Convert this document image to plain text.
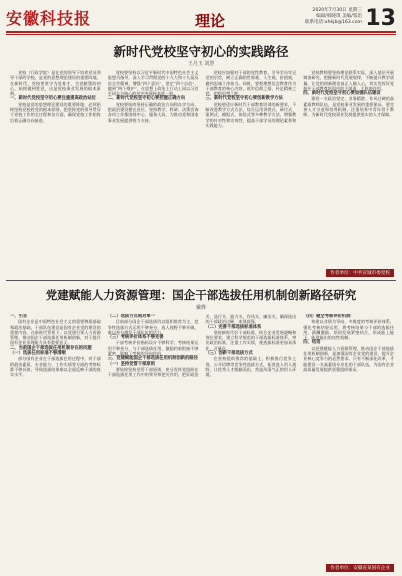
安徽科技报	理论
2020年7月30日 星期三
编辑/韩晓琪 美编/邹迅
联系电话:ahkjb@163.com 13
新时代党校坚守初心的实践路径
王月玉 刘慧

党校（行政学院）是在党的领导下培养党员领导干部的学校，是党的思想理论建设的重要阵地。在新时代，党校要坚守为党育才、为党献策的初心，始终做到姓党，这是党校事业发展的根本原则。

一、新时代党校坚守初心要注重提高政治站位

党校是党的思想理论建设的重要阵地，必须始终坚持党校姓党的根本原则，把坚持党的领导贯穿于党校工作的全过程和各方面，确保党校工作始终沿着正确方向前进。

党校要坚持以习近平新时代中国特色社会主义思想为指导，深入学习贯彻党的十九大和十九届历次全会精神，增强“四个意识”、坚定“四个自信”、做到“两个维护”，在思想上政治上行动上同以习近平同志为核心的党中央保持高度一致。

二、新时代党校坚守初心要把握正确方向

党校要始终坚持正确的政治方向和办学方向，把政治建设摆在首位，坚持教学、科研、决策咨询各项工作都围绕中心、服务大局，为推动党和国家事业发展提供智力支持。

党校应加强对干部的党性教育，引导学员牢记党的宗旨，树立正确的世界观、人生观、价值观，做到忠诚干净担当。同时，要把理想信念教育作为干部教育的核心内容，筑牢信仰之基、补足精神之钙、把稳思想之舵。

三、新时代党校坚守初心要创新教学方法

党校要适应新时代干部教育培训的新要求，不断改进教学方式方法，综合运用讲授式、研讨式、案例式、模拟式、体验式等多种教学方法，增强教学的针对性和实效性，提高干部学员的理论素养和实践能力。

党校教师要坚持理论联系实际，深入基层开展调查研究，把握新时代发展规律，不断提升教学质量，让党的创新理论真正入脑入心，切实发挥好党校在干部教育培训中的主渠道、主阵地作用。

四、新时代党校坚守初心要加强队伍建设

建设一支政治坚定、业务精湛、作风过硬的高素质教师队伍，是党校事业发展的重要保证。要完善人才引进和培养机制，注重培养中青年骨干教师，为新时代党校事业发展提供坚实的人才保障。

作者单位：中共宣城市委党校
党建赋能人力资源管理：国企干部选拔任用机制创新路径研究
戴桦

一、引言

国有企业是中国特色社会主义的重要物质基础和政治基础，干部队伍建设是国有企业党的建设的重要内容。在新时代背景下，以党建引领人力资源管理，推动国企干部选拔任用机制创新，对于提升国有企业治理能力具有重要意义。

二、当前国企干部选拔任用机制存在的问题

（一）选拔任用标准不够清晰

部分国有企业在干部选拔任用过程中，对干部的政治素质、专业能力、工作实绩等方面的考察标准不够具体，导致选拔结果难以全面反映干部的真实水平。

（二）选拔方式相对单一

目前部分国企干部选拔仍以组织推荐为主，竞争性选拔方式运用不够充分，选人视野不够开阔，难以充分激发干部队伍的活力。

（三）考核评价体系不够完善

干部考核评价指标设计不够科学，考核结果运用不够充分，与干部选拔任用、激励约束衔接不够紧密，影响了考核的导向作用。

三、党建赋能国企干部选拔任用机制创新的路径

（一）坚持党管干部原则

要始终坚持党管干部原则，充分发挥党组织在干部选拔任用工作中的领导和把关作用，把好政治关、品行关、能力关、作风关、廉洁关，确保选出的干部政治过硬、本领高强。

（二）完善干部选拔标准体系

坚持新时代好干部标准，结合企业发展战略和岗位要求，建立科学规范的干部选拔标准体系，突出政治标准，注重工作实绩，使选拔标准更加具体化、可量化。

（三）创新干部选拔方式

在坚持组织推荐的基础上，积极推行竞争上岗、公开招聘等竞争性选拔方式，拓宽选人用人视野，让优秀人才脱颖而出，营造风清气正的用人环境。

（四）健全考核评价机制

构建以业绩为导向、多维度的考核评价体系，强化考核结果运用，将考核结果与干部的选拔任用、薪酬激励、培训发展紧密结合，形成能上能下、能进能出的良性机制。

四、结语

以党建赋能人力资源管理，推动国企干部选拔任用机制创新，是加强国有企业党的建设、提升企业核心竞争力的必然要求。只有不断深化改革，才能建设一支高素质专业化的干部队伍，为国有企业高质量发展提供坚强组织保证。

作者单位：安徽省某国有企业
